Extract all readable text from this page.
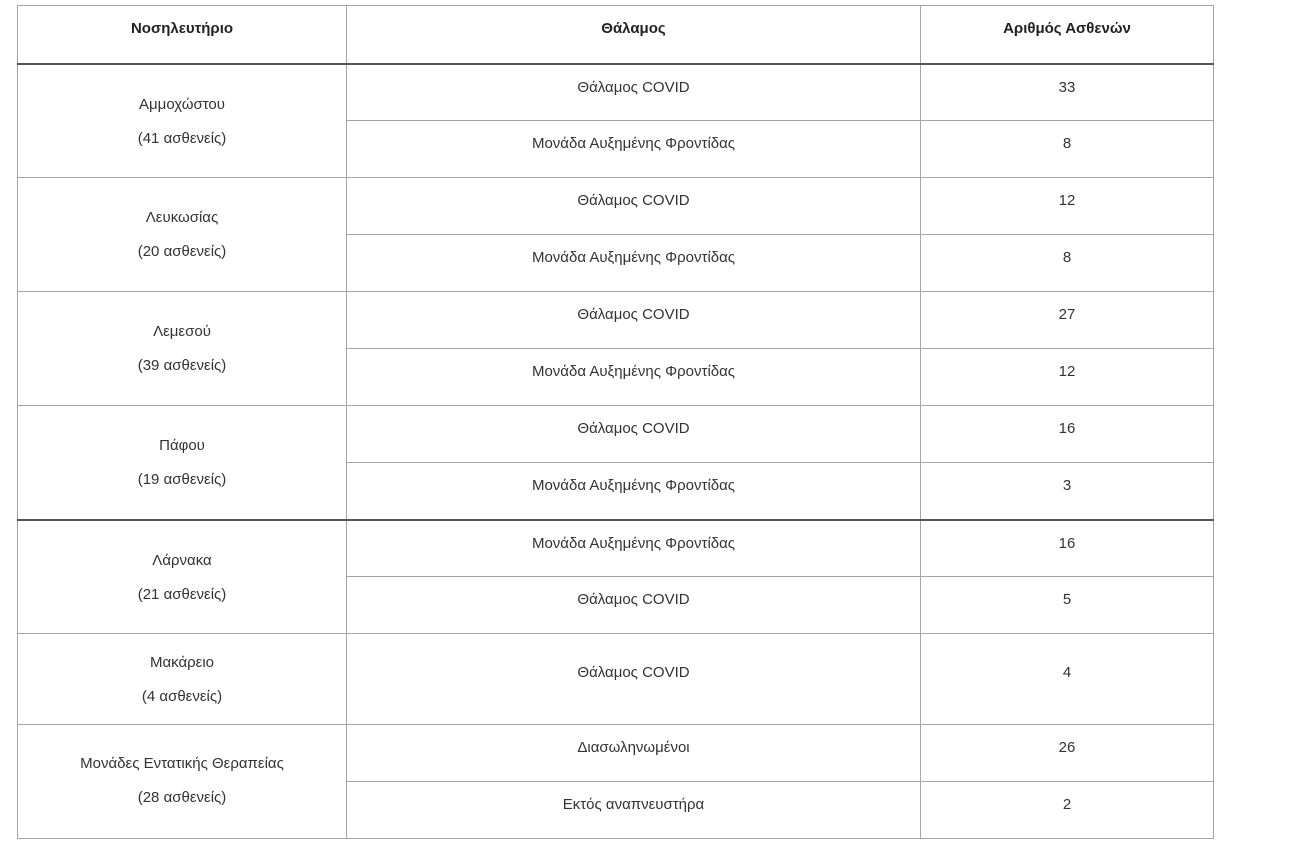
Νοσηλευτήριο	Θάλαμος	Αριθμός Ασθενών

Αμμοχώστου
(41 ασθενείς)	Θάλαμος COVID	33
	Μονάδα Αυξημένης Φροντίδας	8

Λευκωσίας
(20 ασθενείς)	Θάλαμος COVID	12
	Μονάδα Αυξημένης Φροντίδας	8

Λεμεσού
(39 ασθενείς)	Θάλαμος COVID	27
	Μονάδα Αυξημένης Φροντίδας	12

Πάφου
(19 ασθενείς)	Θάλαμος COVID	16
	Μονάδα Αυξημένης Φροντίδας	3

Λάρνακα
(21 ασθενείς)	Μονάδα Αυξημένης Φροντίδας	16
	Θάλαμος COVID	5

Μακάρειο
(4 ασθενείς)	Θάλαμος COVID	4

Μονάδες Εντατικής Θεραπείας
(28 ασθενείς)	Διασωληνωμένοι	26
	Εκτός αναπνευστήρα	2
